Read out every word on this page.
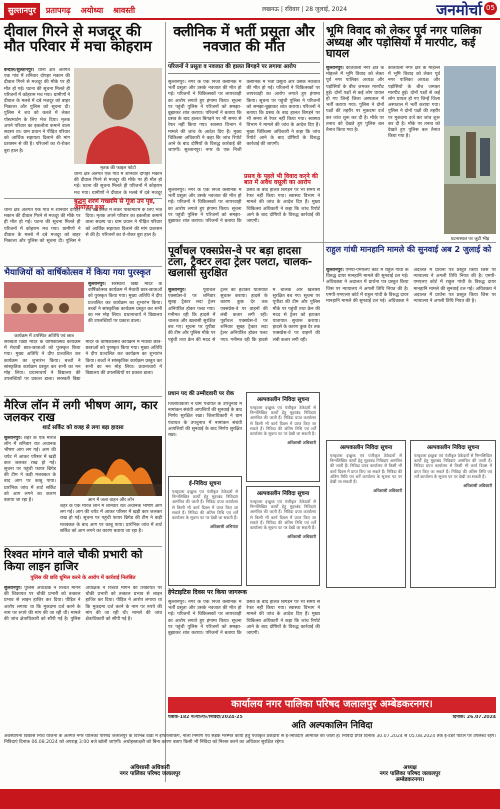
सुल्तानपुर	प्रतापगढ़	अयोध्या	श्रावस्ती	लखनऊ | रविवार | 28 जुलाई, 2024	जनमोर्चा 05
दीवाल गिरने से मजदूर की मौत परिवार में मचा कोहराम
बन्दौल/सुल्तानपुर। थाना क्षेत्र अंतर्गत एक गांव में शनिवार दोपहर मकान की दीवाल गिरने से मजदूर की मौके पर ही मौत हो गई। घटना की सूचना मिलते ही परिजनों में कोहराम मच गया। ग्रामीणों ने दीवाल के मलबे में दबे मजदूर को बाहर निकाला और पुलिस को सूचना दी। पुलिस ने शव को कब्जे में लेकर पोस्टमार्टम के लिए भेज दिया। मृतक अपने परिवार का इकलौता कमाने वाला सदस्य था। ग्राम प्रधान ने पीड़ित परिवार को आर्थिक सहायता दिलाने की मांग प्रशासन से की है। परिजनों का रो-रोकर बुरा हाल है।
मृतक की फाइल फोटो
थाना क्षेत्र अंतर्गत एक गांव में शनिवार दोपहर मकान की दीवाल गिरने से मजदूर की मौके पर ही मौत हो गई। घटना की सूचना मिलते ही परिजनों में कोहराम मच गया। ग्रामीणों ने दीवाल के मलबे में दबे मजदूर
बुद्धम् शरणं गच्छामि से गूंजा उप पृष्ठ, आयोजन हुआ
थाना क्षेत्र अंतर्गत एक गांव में शनिवार दोपहर मकान की दीवाल गिरने से मजदूर की मौके पर ही मौत हो गई। घटना की सूचना मिलते ही परिजनों में कोहराम मच गया। ग्रामीणों ने दीवाल के मलबे में दबे मजदूर को बाहर निकाला और पुलिस को सूचना दी। पुलिस ने शव को कब्जे में लेकर पोस्टमार्टम के लिए भेज दिया। मृतक अपने परिवार का इकलौता कमाने वाला सदस्य था। ग्राम प्रधान ने पीड़ित परिवार को आर्थिक सहायता दिलाने की मांग प्रशासन से की है। परिजनों का रो-रोकर बुरा हाल है।
क्लीनिक में भर्ती प्रसूता और नवजात की मौत
परिजनों ने प्रसूता व नवजात की हालत बिगड़ने पर लगाया आरोप
सुल्तानपुर। नगर के एक निजी क्लीनिक में भर्ती प्रसूता और उसके नवजात की मौत हो गई। परिजनों ने चिकित्सकों पर लापरवाही का आरोप लगाते हुए हंगामा किया। सूचना पर पहुंची पुलिस ने परिजनों को समझा-बुझाकर शांत कराया। परिजनों ने बताया कि प्रसव के बाद हालत बिगड़ने पर भी समय से रेफर नहीं किया गया। स्वास्थ्य विभाग ने मामले की जांच के आदेश दिए हैं। मुख्य चिकित्सा अधिकारी ने कहा कि जांच रिपोर्ट आने के बाद दोषियों के विरुद्ध कार्रवाई की जाएगी। सुल्तानपुर। नगर के एक निजी क्लीनिक में भर्ती प्रसूता और उसके नवजात की मौत हो गई। परिजनों ने चिकित्सकों पर लापरवाही का आरोप लगाते हुए हंगामा किया। सूचना पर पहुंची पुलिस ने परिजनों को समझा-बुझाकर शांत कराया। परिजनों ने बताया कि प्रसव के बाद हालत बिगड़ने पर भी समय से रेफर नहीं किया गया। स्वास्थ्य विभाग ने मामले की जांच के आदेश दिए हैं। मुख्य चिकित्सा अधिकारी ने कहा कि जांच रिपोर्ट आने के बाद दोषियों के विरुद्ध कार्रवाई की जाएगी।
प्रसव के पहले भी विवाद करने की बात में अवैध वसूली का आरोप
सुल्तानपुर। नगर के एक निजी क्लीनिक में भर्ती प्रसूता और उसके नवजात की मौत हो गई। परिजनों ने चिकित्सकों पर लापरवाही का आरोप लगाते हुए हंगामा किया। सूचना पर पहुंची पुलिस ने परिजनों को समझा-बुझाकर शांत कराया। परिजनों ने बताया कि प्रसव के बाद हालत बिगड़ने पर भी समय से रेफर नहीं किया गया। स्वास्थ्य विभाग ने मामले की जांच के आदेश दिए हैं। मुख्य चिकित्सा अधिकारी ने कहा कि जांच रिपोर्ट आने के बाद दोषियों के विरुद्ध कार्रवाई की जाएगी।
भूमि विवाद को लेकर पूर्व नगर पालिका अध्यक्ष और पड़ोसियों में मारपीट, कई घायल
सुल्तानपुर। कोतवाली नगर क्षेत्र के मोहल्ले में भूमि विवाद को लेकर पूर्व नगर पालिका अध्यक्ष और पड़ोसियों के बीच जमकर मारपीट हुई। दोनों पक्षों से कई लोग घायल हो गए जिन्हें जिला अस्पताल में भर्ती कराया गया। पुलिस ने दोनों पक्षों की तहरीर पर मुकदमा दर्ज कर जांच शुरू कर दी है। मौके पर तनाव को देखते हुए पुलिस बल तैनात किया गया है।
कोतवाली नगर क्षेत्र के मोहल्ले में भूमि विवाद को लेकर पूर्व नगर पालिका अध्यक्ष और पड़ोसियों के बीच जमकर मारपीट हुई। दोनों पक्षों से कई लोग घायल हो गए जिन्हें जिला अस्पताल में भर्ती कराया गया। पुलिस ने दोनों पक्षों की तहरीर पर मुकदमा दर्ज कर जांच शुरू कर दी है। मौके पर तनाव को देखते हुए पुलिस बल तैनात किया गया है।
घटनास्थल पर जुटी भीड़
भैयाजियों को वार्षिकोत्सव में किया गया पुरस्कृत
कार्यक्रम में उपस्थित अतिथि एवं छात्र
सुल्तानपुर। सरस्वती विद्या मंदिर के वार्षिकोत्सव कार्यक्रम में मेधावी छात्र-छात्राओं को पुरस्कृत किया गया। मुख्य अतिथि ने दीप प्रज्वलित कर कार्यक्रम का शुभारंभ किया। बच्चों ने सांस्कृतिक कार्यक्रम प्रस्तुत कर सभी का मन मोह लिया। प्रधानाचार्य ने विद्यालय की उपलब्धियों पर प्रकाश डाला।
सरस्वती विद्या मंदिर के वार्षिकोत्सव कार्यक्रम में मेधावी छात्र-छात्राओं को पुरस्कृत किया गया। मुख्य अतिथि ने दीप प्रज्वलित कर कार्यक्रम का शुभारंभ किया। बच्चों ने सांस्कृतिक कार्यक्रम प्रस्तुत कर सभी का मन मोह लिया। प्रधानाचार्य ने विद्यालय की उपलब्धियों पर प्रकाश डाला। सरस्वती विद्या मंदिर के वार्षिकोत्सव कार्यक्रम में मेधावी छात्र-छात्राओं को पुरस्कृत किया गया। मुख्य अतिथि ने दीप प्रज्वलित कर कार्यक्रम का शुभारंभ किया। बच्चों ने सांस्कृतिक कार्यक्रम प्रस्तुत कर सभी का मन मोह लिया। प्रधानाचार्य ने विद्यालय की उपलब्धियों पर प्रकाश डाला।
मैरिज लॉन में लगी भीषण आग, कार जलकर राख
शार्ट सर्किट को वजह से लगा बड़ा हादसा
सुल्तानपुर। शहर के एक मैरिज लॉन में शनिवार रात अचानक भीषण आग लग गई। आग की चपेट में आकर परिसर में खड़ी कार जलकर राख हो गई। सूचना पर पहुंची फायर ब्रिगेड की टीम ने कड़ी मशक्कत के बाद आग पर काबू पाया। प्रारंभिक जांच में शार्ट सर्किट को आग लगने का कारण बताया जा रहा है।	आग में जला वाहन और लॉन
शहर के एक मैरिज लॉन में शनिवार रात अचानक भीषण आग लग गई। आग की चपेट में आकर परिसर में खड़ी कार जलकर राख हो गई। सूचना पर पहुंची फायर ब्रिगेड की टीम ने कड़ी मशक्कत के बाद आग पर काबू पाया। प्रारंभिक जांच में शार्ट सर्किट को आग लगने का कारण बताया जा रहा है।
रिश्वत मांगने वाले चौकी प्रभारी को किया लाइन हाजिर
पुलिस की छवि धूमिल करने के आरोप में कार्रवाई निलंबित
सुल्तानपुर। पुलिस अधीक्षक ने रिश्वत मांगने की शिकायत पर चौकी प्रभारी को तत्काल प्रभाव से लाइन हाजिर कर दिया। पीड़ित ने आरोप लगाया था कि मुकदमा दर्ज करने के नाम पर रुपये की मांग की जा रही थी। मामले की जांच क्षेत्राधिकारी को सौंपी गई है। पुलिस अधीक्षक ने रिश्वत मांगने की शिकायत पर चौकी प्रभारी को तत्काल प्रभाव से लाइन हाजिर कर दिया। पीड़ित ने आरोप लगाया था कि मुकदमा दर्ज करने के नाम पर रुपये की मांग की जा रही थी। मामले की जांच क्षेत्राधिकारी को सौंपी गई है।
पूर्वांचल एक्सप्रेस-वे पर बड़ा हादसा टला, ट्रैक्टर लदा ट्रेलर पलटा, चालक-खलासी सुरक्षित
सुल्तानपुर।	पूर्वांचल एक्सप्रेस-वे पर शनिवार सुबह ट्रैक्टर लदा ट्रेलर अनियंत्रित होकर पलट गया। गनीमत रही कि हादसे में चालक और खलासी सुरक्षित बच गए। सूचना पर यूपीडा की टीम और पुलिस मौके पर पहुंची तथा क्रेन की मदद से ट्रेलर को हटाकर यातायात सुचारू कराया। हादसे के कारण कुछ देर तक एक्सप्रेस-वे पर वाहनों की लंबी कतार लगी रही। पूर्वांचल एक्सप्रेस-वे पर शनिवार सुबह ट्रैक्टर लदा ट्रेलर अनियंत्रित होकर पलट गया। गनीमत रही कि हादसे में चालक और खलासी सुरक्षित बच गए। सूचना पर यूपीडा की टीम और पुलिस मौके पर पहुंची तथा क्रेन की मदद से ट्रेलर को हटाकर यातायात सुचारू कराया। हादसे के कारण कुछ देर तक एक्सप्रेस-वे पर वाहनों की लंबी कतार लगी रही।
प्रधान पद की उम्मीदवारी पर रोक
जिलाधिकारी ने ग्राम पंचायत के उपचुनाव में नामांकन संबंधी आपत्तियों की सुनवाई के बाद निर्णय सुरक्षित रखा। जिलाधिकारी ने ग्राम पंचायत के उपचुनाव में नामांकन संबंधी आपत्तियों की सुनवाई के बाद निर्णय सुरक्षित रखा।
अल्पकालीन निविदा सूचना
एतद्द्वारा इच्छुक एवं पंजीकृत ठेकेदारों से निम्नलिखित कार्यों हेतु मुहरबंद निविदाएं आमंत्रित की जाती हैं। निविदा प्रपत्र कार्यालय से किसी भी कार्य दिवस में प्राप्त किए जा सकते हैं। निविदा की अंतिम तिथि एवं शर्तें कार्यालय के सूचना पट पर देखी जा सकती हैं।
अधिशासी अधिकारी
ई-निविदा सूचना
एतद्द्वारा इच्छुक एवं पंजीकृत ठेकेदारों से निम्नलिखित कार्यों हेतु मुहरबंद निविदाएं आमंत्रित की जाती हैं। निविदा प्रपत्र कार्यालय से किसी भी कार्य दिवस में प्राप्त किए जा सकते हैं। निविदा की अंतिम तिथि एवं शर्तें कार्यालय के सूचना पट पर देखी जा सकती हैं।
अधिशासी अभियंता
अल्पकालीन निविदा सूचना
एतद्द्वारा इच्छुक एवं पंजीकृत ठेकेदारों से निम्नलिखित कार्यों हेतु मुहरबंद निविदाएं आमंत्रित की जाती हैं। निविदा प्रपत्र कार्यालय से किसी भी कार्य दिवस में प्राप्त किए जा सकते हैं। निविदा की अंतिम तिथि एवं शर्तें कार्यालय के सूचना पट पर देखी जा सकती हैं।
अधिशासी अधिकारी
अल्पकालीन निविदा सूचना
एतद्द्वारा इच्छुक एवं पंजीकृत ठेकेदारों से निम्नलिखित कार्यों हेतु मुहरबंद निविदाएं आमंत्रित की जाती हैं। निविदा प्रपत्र कार्यालय से किसी भी कार्य दिवस में प्राप्त किए जा सकते हैं। निविदा की अंतिम तिथि एवं शर्तें कार्यालय के सूचना पट पर देखी जा सकती हैं।
अधिशासी अधिकारी
अल्पकालीन निविदा सूचना
एतद्द्वारा इच्छुक एवं पंजीकृत ठेकेदारों से निम्नलिखित कार्यों हेतु मुहरबंद निविदाएं आमंत्रित की जाती हैं। निविदा प्रपत्र कार्यालय से किसी भी कार्य दिवस में प्राप्त किए जा सकते हैं। निविदा की अंतिम तिथि एवं शर्तें कार्यालय के सूचना पट पर देखी जा सकती हैं।
अधिशासी अधिकारी
राहुल गांधी मानहानि मामले की सुनवाई अब 2 जुलाई को
सुल्तानपुर। एमपी-एमएलए कोर्ट में राहुल गांधी के विरुद्ध दायर मानहानि मामले की सुनवाई टल गई। अधिवक्ता ने अदालत में प्रार्थना पत्र प्रस्तुत किया जिस पर न्यायालय ने अगली तिथि नियत की है। एमपी-एमएलए कोर्ट में राहुल गांधी के विरुद्ध दायर मानहानि मामले की सुनवाई टल गई। अधिवक्ता ने अदालत में प्रार्थना पत्र प्रस्तुत किया जिस पर न्यायालय ने अगली तिथि नियत की है। एमपी-एमएलए कोर्ट में राहुल गांधी के विरुद्ध दायर मानहानि मामले की सुनवाई टल गई। अधिवक्ता ने अदालत में प्रार्थना पत्र प्रस्तुत किया जिस पर न्यायालय ने अगली तिथि नियत की है।
हेपेटाइटिस दिवस पर किया जागरूक
सुल्तानपुर। नगर के एक निजी क्लीनिक में भर्ती प्रसूता और उसके नवजात की मौत हो गई। परिजनों ने चिकित्सकों पर लापरवाही का आरोप लगाते हुए हंगामा किया। सूचना पर पहुंची पुलिस ने परिजनों को समझा-बुझाकर शांत कराया। परिजनों ने बताया कि प्रसव के बाद हालत बिगड़ने पर भी समय से रेफर नहीं किया गया। स्वास्थ्य विभाग ने मामले की जांच के आदेश दिए हैं। मुख्य चिकित्सा अधिकारी ने कहा कि जांच रिपोर्ट आने के बाद दोषियों के विरुद्ध कार्रवाई की जाएगी।
कार्यालय नगर पालिका परिषद जलालपुर अम्बेडकरनगर।
पत्रांक-182 न०पा०प०/निविदा/2024-25	दिनांक: 26.07.2024
अति अल्पकालिन निविदा
अवस्थापना विकास निधि योजना के अंतर्गत नगर पालिका परिषद जलालपुर के विभिन्न वार्डों में इण्टरलॉकिंग, नाली निर्माण एवं सड़क मरम्मत कार्यों हेतु पंजीकृत ठेकेदारों से ई-निविदाएं आमंत्रित की जाती हैं। निविदा प्रपत्र दिनांक 30.07.2024 से 05.08.2024 तक ई-टेंडर पोर्टल पर उपलब्ध रहेंगे। निविदाएं दिनांक 06.08.2024 को अपराह्न 3:00 बजे खोली जाएंगी। अधोहस्ताक्षरी को बिना कारण बताए किसी भी निविदा को निरस्त करने का अधिकार सुरक्षित रहेगा।
अधिशासी अधिकारी
नगर पालिका परिषद जलालपुर
अध्यक्ष
नगर पालिका परिषद जलालपुर
अम्बेडकरनगर।
